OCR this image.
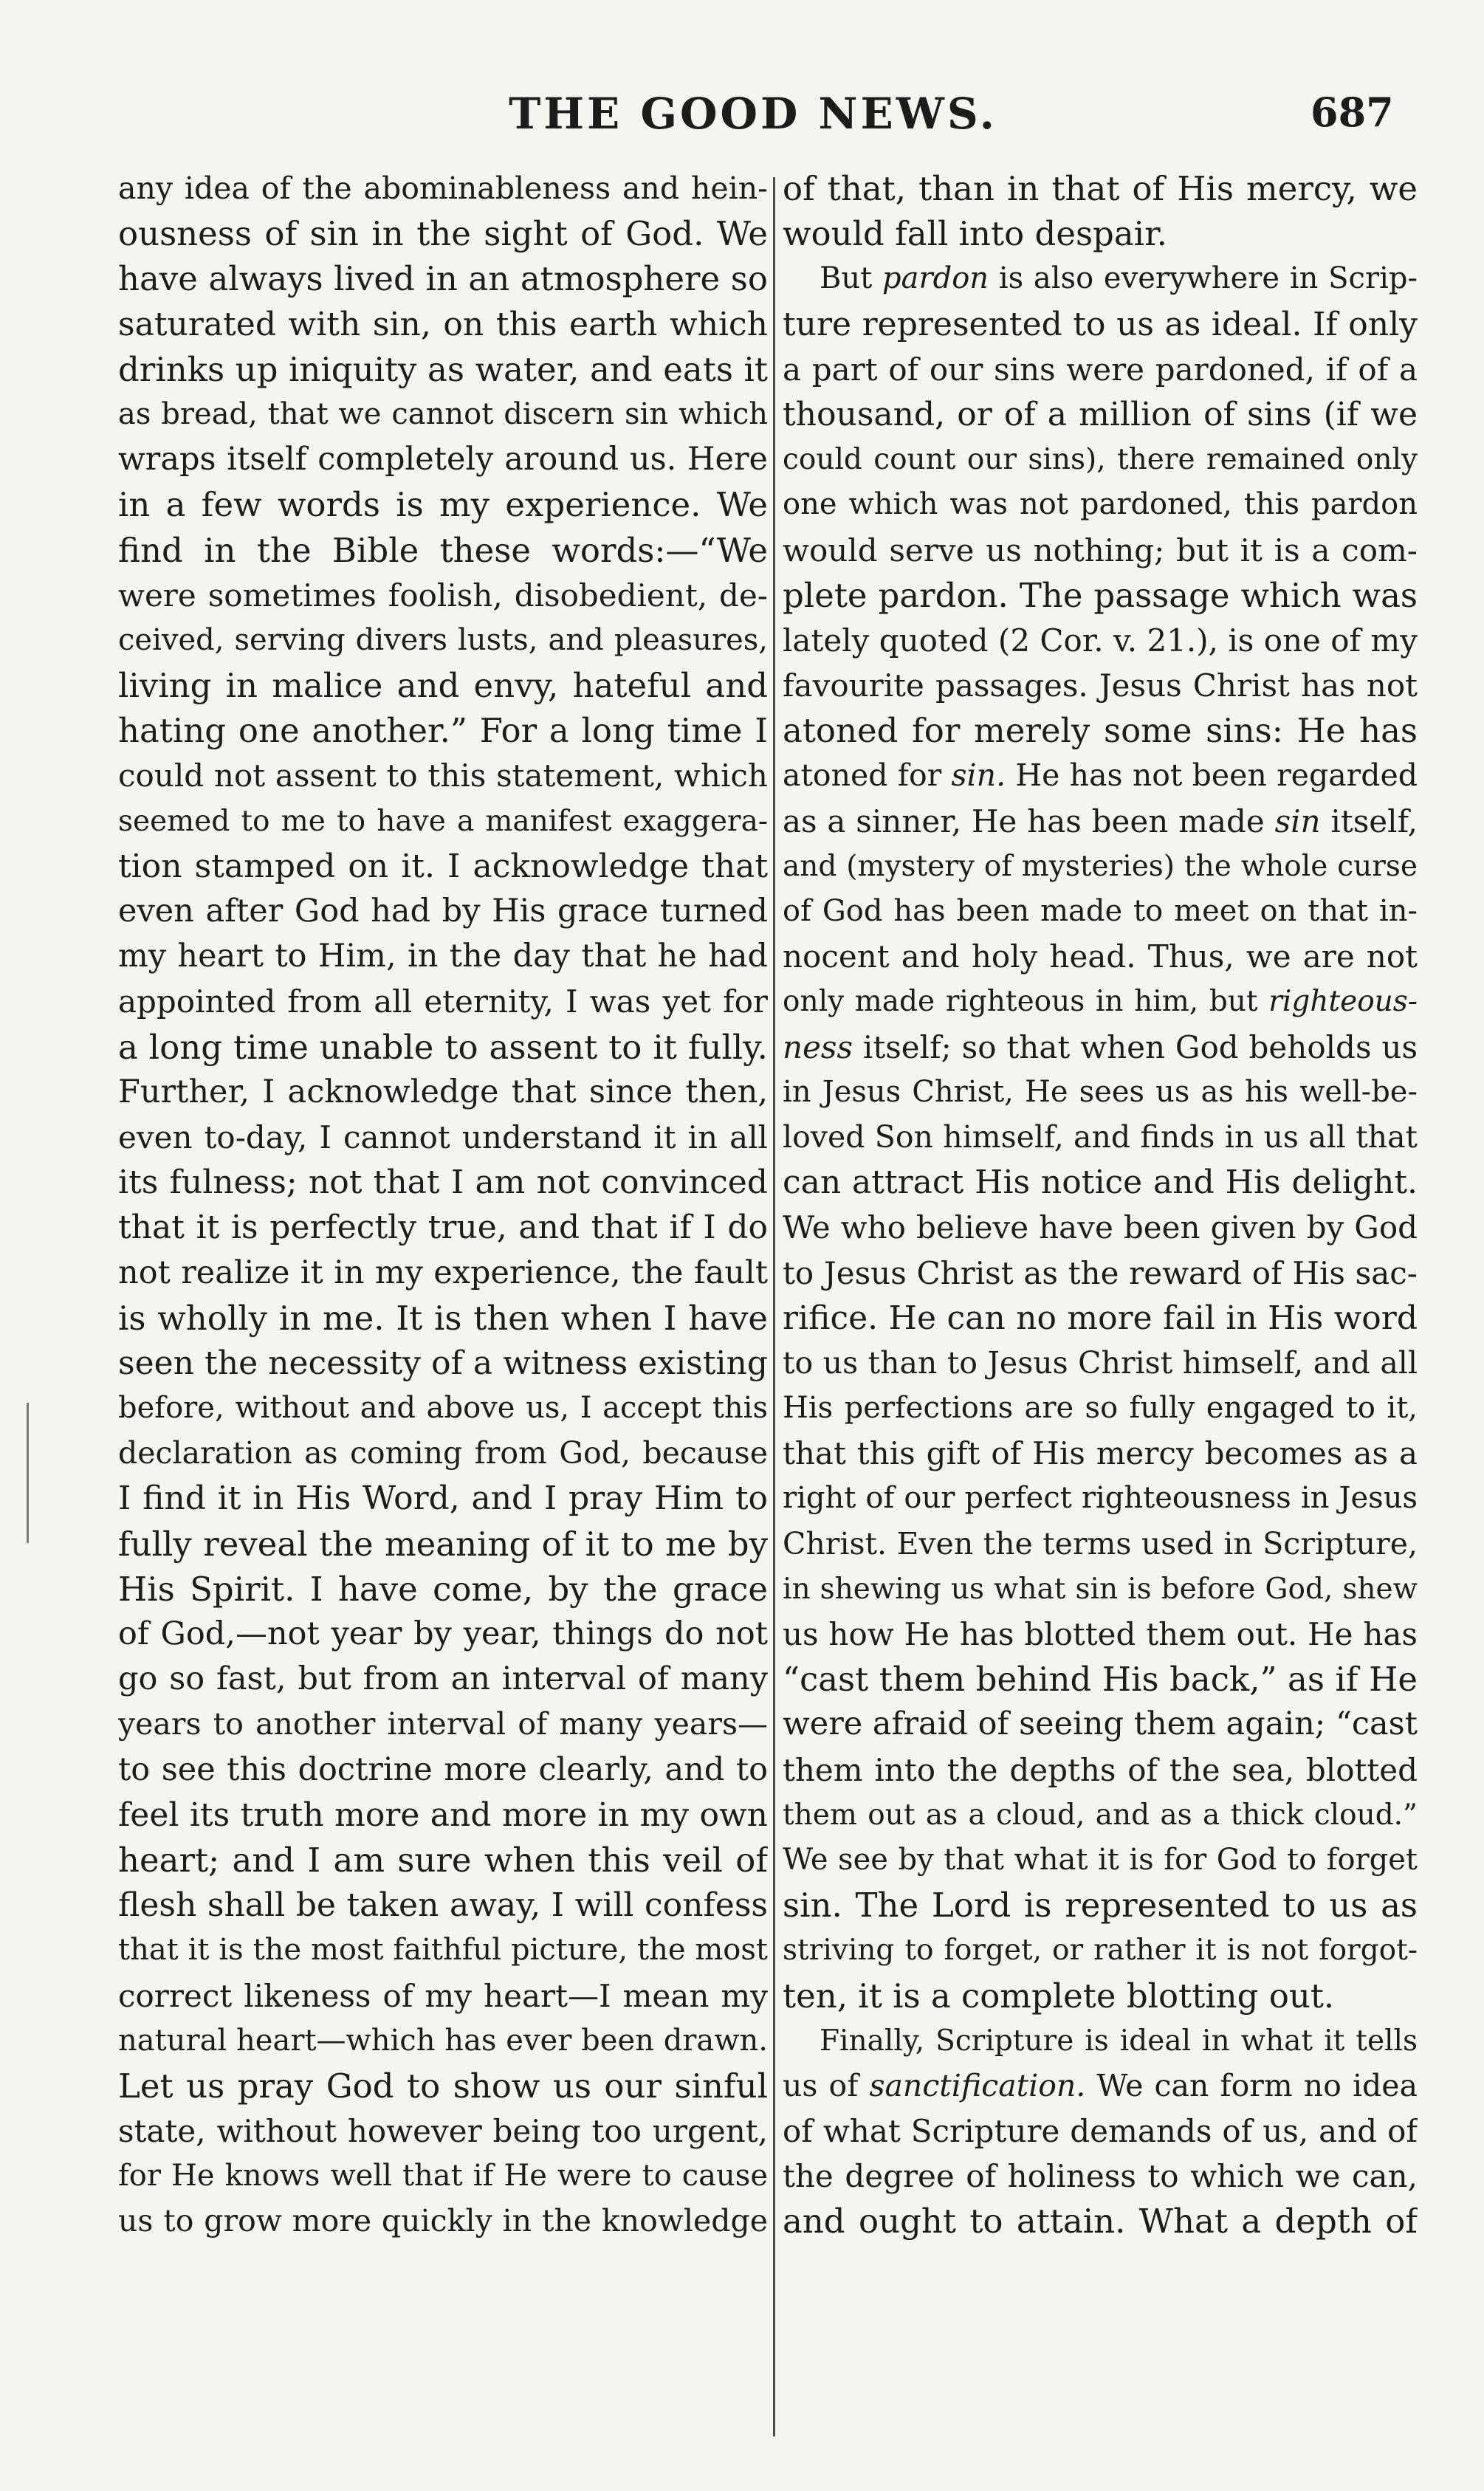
THE GOOD NEWS.	687
any idea of the abominableness and hein-
ousness of sin in the sight of God. We
have always lived in an atmosphere so
saturated with sin, on this earth which
drinks up iniquity as water, and eats it
as bread, that we cannot discern sin which
wraps itself completely around us. Here
in a few words is my experience. We
find in the Bible these words:—“We
were sometimes foolish, disobedient, de-
ceived, serving divers lusts, and pleasures,
living in malice and envy, hateful and
hating one another.” For a long time I
could not assent to this statement, which
seemed to me to have a manifest exaggera-
tion stamped on it. I acknowledge that
even after God had by His grace turned
my heart to Him, in the day that he had
appointed from all eternity, I was yet for
a long time unable to assent to it fully.
Further, I acknowledge that since then,
even to-day, I cannot understand it in all
its fulness; not that I am not convinced
that it is perfectly true, and that if I do
not realize it in my experience, the fault
is wholly in me. It is then when I have
seen the necessity of a witness existing
before, without and above us, I accept this
declaration as coming from God, because
I find it in His Word, and I pray Him to
fully reveal the meaning of it to me by
His Spirit. I have come, by the grace
of God,—not year by year, things do not
go so fast, but from an interval of many
years to another interval of many years—
to see this doctrine more clearly, and to
feel its truth more and more in my own
heart; and I am sure when this veil of
flesh shall be taken away, I will confess
that it is the most faithful picture, the most
correct likeness of my heart—I mean my
natural heart—which has ever been drawn.
Let us pray God to show us our sinful
state, without however being too urgent,
for He knows well that if He were to cause
us to grow more quickly in the knowledge
of that, than in that of His mercy, we
would fall into despair.
But pardon is also everywhere in Scrip-
ture represented to us as ideal. If only
a part of our sins were pardoned, if of a
thousand, or of a million of sins (if we
could count our sins), there remained only
one which was not pardoned, this pardon
would serve us nothing; but it is a com-
plete pardon. The passage which was
lately quoted (2 Cor. v. 21.), is one of my
favourite passages. Jesus Christ has not
atoned for merely some sins: He has
atoned for sin. He has not been regarded
as a sinner, He has been made sin itself,
and (mystery of mysteries) the whole curse
of God has been made to meet on that in-
nocent and holy head. Thus, we are not
only made righteous in him, but righteous-
ness itself; so that when God beholds us
in Jesus Christ, He sees us as his well-be-
loved Son himself, and finds in us all that
can attract His notice and His delight.
We who believe have been given by God
to Jesus Christ as the reward of His sac-
rifice. He can no more fail in His word
to us than to Jesus Christ himself, and all
His perfections are so fully engaged to it,
that this gift of His mercy becomes as a
right of our perfect righteousness in Jesus
Christ. Even the terms used in Scripture,
in shewing us what sin is before God, shew
us how He has blotted them out. He has
“cast them behind His back,” as if He
were afraid of seeing them again; “cast
them into the depths of the sea, blotted
them out as a cloud, and as a thick cloud.”
We see by that what it is for God to forget
sin. The Lord is represented to us as
striving to forget, or rather it is not forgot-
ten, it is a complete blotting out.
Finally, Scripture is ideal in what it tells
us of sanctification. We can form no idea
of what Scripture demands of us, and of
the degree of holiness to which we can,
and ought to attain. What a depth of
